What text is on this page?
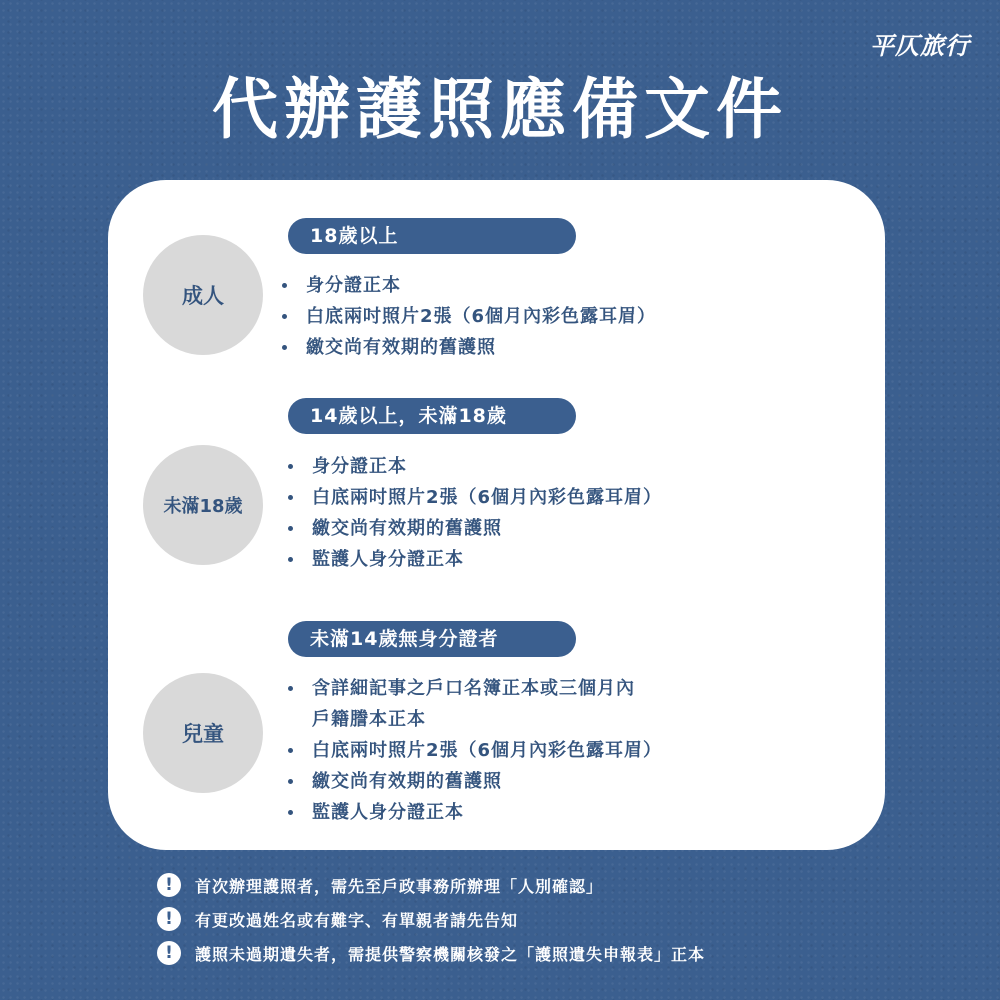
平仄旅行
代辦護照應備文件
成人
18歲以上
身分證正本
白底兩吋照片2張（6個月內彩色露耳眉）
繳交尚有效期的舊護照
未滿18歲
14歲以上，未滿18歲
身分證正本
白底兩吋照片2張（6個月內彩色露耳眉）
繳交尚有效期的舊護照
監護人身分證正本
兒童
未滿14歲無身分證者
含詳細記事之戶口名簿正本或三個月內
戶籍謄本正本
白底兩吋照片2張（6個月內彩色露耳眉）
繳交尚有效期的舊護照
監護人身分證正本
!	首次辦理護照者，需先至戶政事務所辦理「人別確認」
!	有更改過姓名或有難字、有單親者請先告知
!	護照未過期遺失者，需提供警察機關核發之「護照遺失申報表」正本
